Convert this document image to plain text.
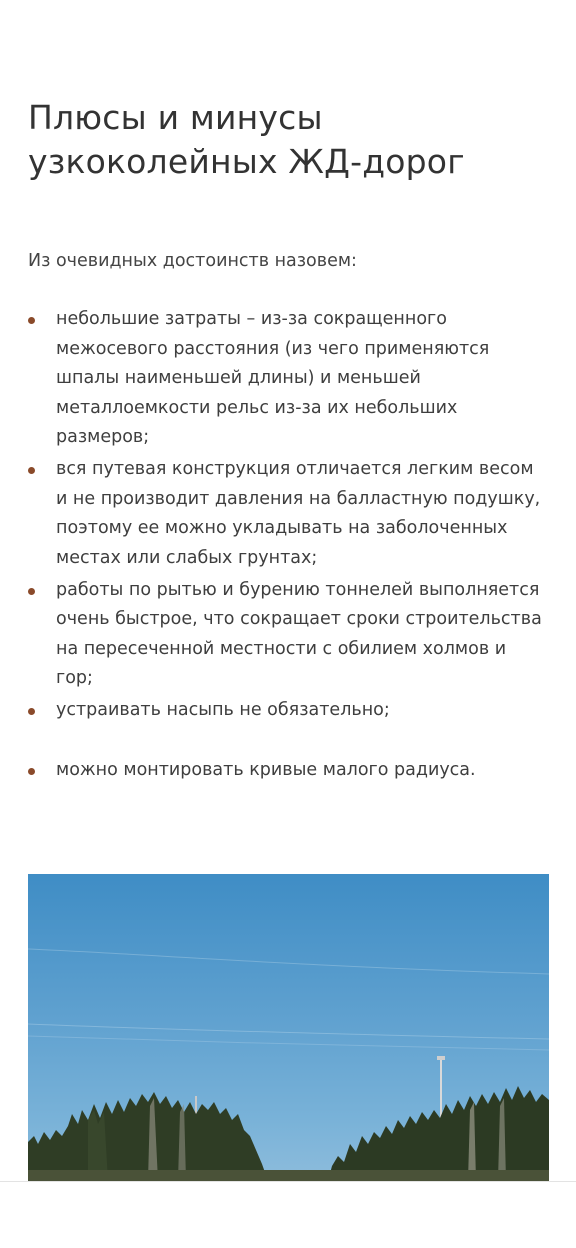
Плюсы и минусы узкоколейных ЖД-дорог

Из очевидных достоинств назовем:

небольшие затраты – из-за сокращенного межосевого расстояния (из чего применяются шпалы наименьшей длины) и меньшей металлоемкости рельс из-за их небольших размеров;
вся путевая конструкция отличается легким весом и не производит давления на балластную подушку, поэтому ее можно укладывать на заболоченных местах или слабых грунтах;
работы по рытью и бурению тоннелей выполняется очень быстрое, что сокращает сроки строительства на пересеченной местности с обилием холмов и гор;
устраивать насыпь не обязательно;
можно монтировать кривые малого радиуса.
